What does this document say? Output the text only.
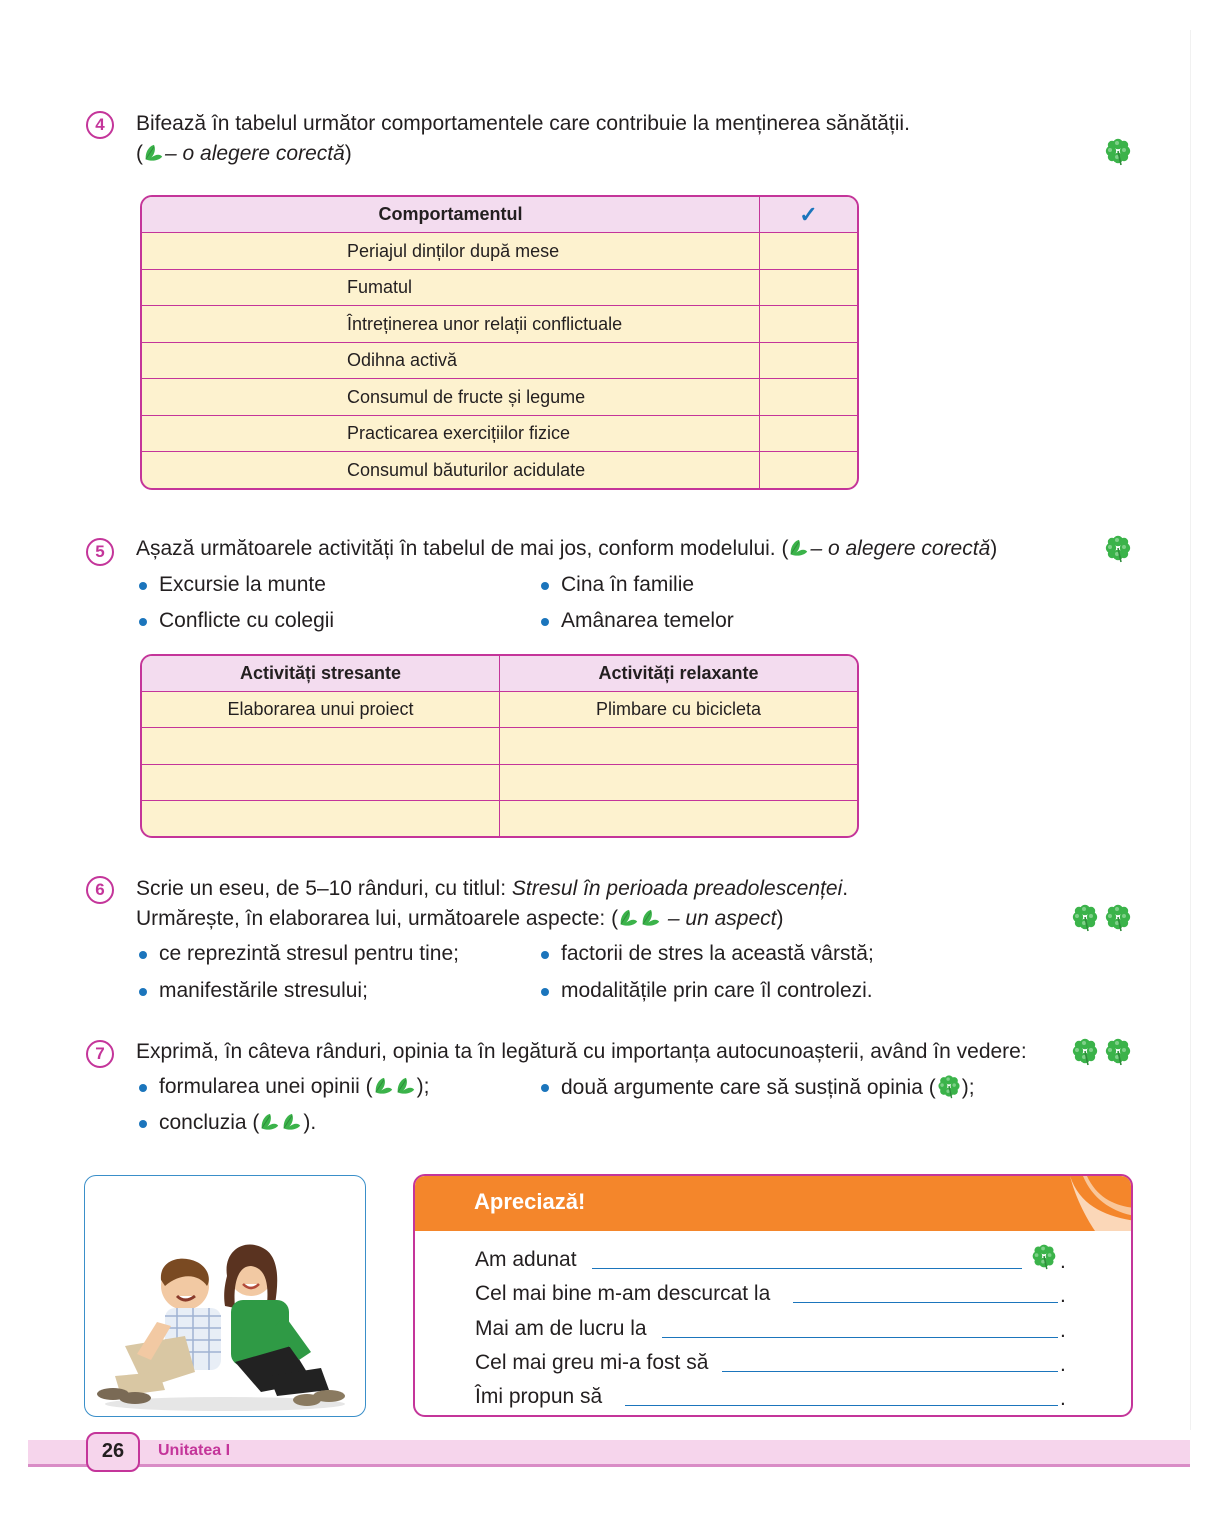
4	Bifează în tabelul următor comportamentele care contribuie la menținerea sănătății.
( – o alegere corectă)
Comportamentul	✓
Periajul dinților după mese	
Fumatul	
Întreținerea unor relații conflictuale	
Odihna activă	
Consumul de fructe și legume	
Practicarea exercițiilor fizice	
Consumul băuturilor acidulate	
5	Așază următoarele activități în tabelul de mai jos, conform modelului. ( – o alegere corectă)
Excursie la munte	Cina în familie
Conflicte cu colegii	Amânarea temelor
Activități stresante	Activități relaxante
Elaborarea unui proiect	Plimbare cu bicicleta

6	Scrie un eseu, de 5–10 rânduri, cu titlul: Stresul în perioada preadolescenței.
Urmărește, în elaborarea lui, următoarele aspecte: ( – un aspect)
ce reprezintă stresul pentru tine;	factorii de stres la această vârstă;
manifestările stresului;	modalitățile prin care îl controlezi.
7	Exprimă, în câteva rânduri, opinia ta în legătură cu importanța autocunoașterii, având în vedere:
formularea unei opinii ( );	două argumente care să susțină opinia ( );
concluzia ( ).
Apreciază!
Am adunat	.
Cel mai bine m-am descurcat la	.
Mai am de lucru la	.
Cel mai greu mi-a fost să	.
Îmi propun să	.
26	Unitatea I
